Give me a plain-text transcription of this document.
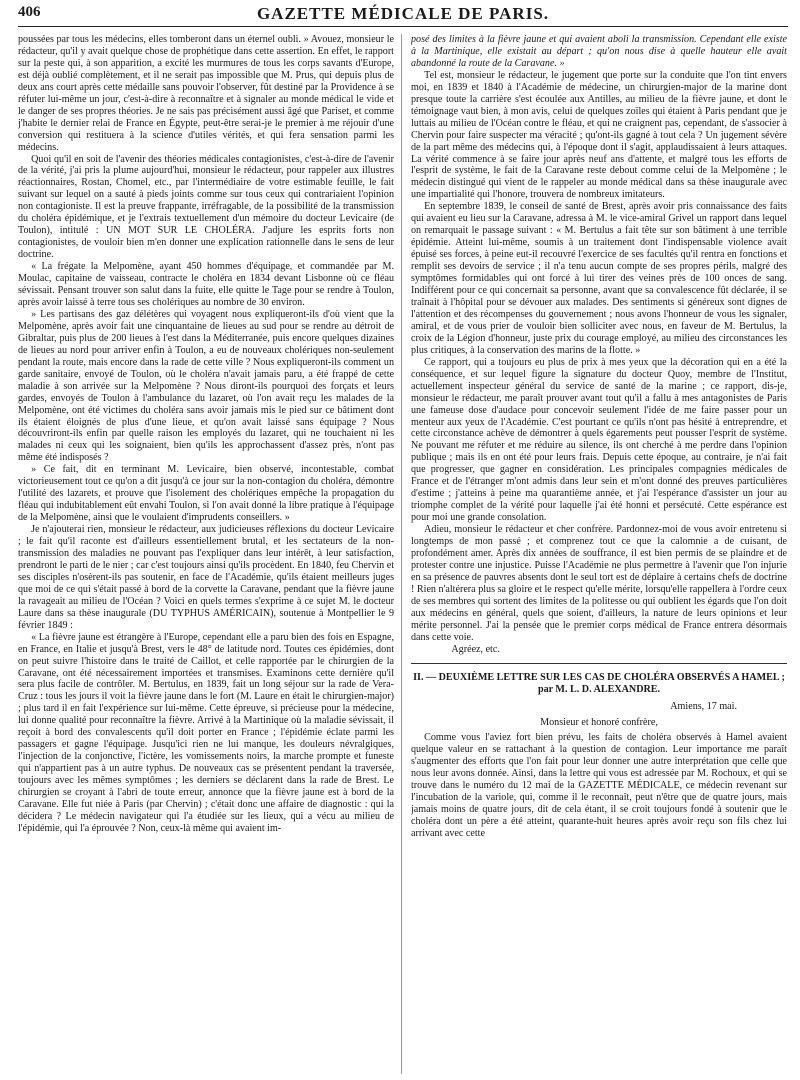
406	GAZETTE MÉDICALE DE PARIS.

poussées par tous les médecins, elles tomberont dans un éternel oubli. » Avouez, monsieur le rédacteur, qu'il y avait quelque chose de prophétique dans cette assertion. En effet, le rapport sur la peste qui, à son apparition, a excité les murmures de tous les corps savants d'Europe, est déjà oublié complètement, et il ne serait pas impossible que M. Prus, qui depuis plus de deux ans court après cette médaille sans pouvoir l'observer, fût destiné par la Providence à se réfuter lui-même un jour, c'est-à-dire à reconnaître et à signaler au monde médical le vide et le danger de ses propres théories. Je ne sais pas précisément aussi âgé que Pariset, et comme j'habite le dernier relai de France en Égypte, peut-être serai-je le premier à me réjouir d'une conversion qui restituera à la science d'utiles vérités, et qui fera sensation parmi les médecins.

Quoi qu'il en soit de l'avenir des théories médicales contagionistes, c'est-à-dire de l'avenir de la vérité, j'ai pris la plume aujourd'hui, monsieur le rédacteur, pour rappeler aux illustres réactionnaires, Rostan, Chomel, etc., par l'intermédiaire de votre estimable feuille, le fait suivant sur lequel on a sauté à pieds joints comme sur tous ceux qui contrariaient l'opinion non contagioniste. Il est la preuve frappante, irréfragable, de la possibilité de la transmission du choléra épidémique, et je l'extrais textuellement d'un mémoire du docteur Levicaire (de Toulon), intitulé : UN MOT SUR LE CHOLÉRA. J'adjure les esprits forts non contagionistes, de vouloir bien m'en donner une explication rationnelle dans le sens de leur doctrine.

« La frégate la Melpomène, ayant 450 hommes d'équipage, et commandée par M. Moulac, capitaine de vaisseau, contracte le choléra en 1834 devant Lisbonne où ce fléau sévissait. Pensant trouver son salut dans la fuite, elle quitte le Tage pour se rendre à Toulon, après avoir laissé à terre tous ses cholériques au nombre de 30 environ.

» Les partisans des gaz délétères qui voyagent nous expliqueront-ils d'où vient que la Melpomène, après avoir fait une cinquantaine de lieues au sud pour se rendre au détroit de Gibraltar, puis plus de 200 lieues à l'est dans la Méditerranée, puis encore quelques dizaines de lieues au nord pour arriver enfin à Toulon, a eu de nouveaux cholériques non-seulement pendant la route, mais encore dans la rade de cette ville ? Nous expliqueront-ils comment un garde sanitaire, envoyé de Toulon, où le choléra n'avait jamais paru, a été frappé de cette maladie à son arrivée sur la Melpomène ? Nous diront-ils pourquoi des forçats et leurs gardes, envoyés de Toulon à l'ambulance du lazaret, où l'on avait reçu les malades de la Melpomène, ont été victimes du choléra sans avoir jamais mis le pied sur ce bâtiment dont ils étaient éloignés de plus d'une lieue, et qu'on avait laissé sans équipage ? Nous découvriront-ils enfin par quelle raison les employés du lazaret, qui ne touchaient ni les malades ni ceux qui les soignaient, bien qu'ils les approchassent d'assez près, n'ont pas même été indisposés ?

» Ce fait, dit en terminant M. Levicaire, bien observé, incontestable, combat victorieusement tout ce qu'on a dit jusqu'à ce jour sur la non-contagion du choléra, démontre l'utilité des lazarets, et prouve que l'isolement des cholériques empêche la propagation du fléau qui indubitablement eût envahi Toulon, si l'on avait donné la libre pratique à l'équipage de la Melpomène, ainsi que le voulaient d'imprudents conseillers. »

Je n'ajouterai rien, monsieur le rédacteur, aux judicieuses réflexions du docteur Levicaire ; le fait qu'il raconte est d'ailleurs essentiellement brutal, et les sectateurs de la non-transmission des maladies ne pouvant pas l'expliquer dans leur intérêt, à leur satisfaction, prendront le parti de le nier ; car c'est toujours ainsi qu'ils procèdent. En 1840, feu Chervin et ses disciples n'osèrent-ils pas soutenir, en face de l'Académie, qu'ils étaient meilleurs juges que moi de ce qui s'était passé à bord de la corvette la Caravane, pendant que la fièvre jaune la ravageait au milieu de l'Océan ? Voici en quels termes s'exprime à ce sujet M. le docteur Laure dans sa thèse inaugurale (DU TYPHUS AMÉRICAIN), soutenue à Montpellier le 9 février 1849 :

« La fièvre jaune est étrangère à l'Europe, cependant elle a paru bien des fois en Espagne, en France, en Italie et jusqu'à Brest, vers le 48° de latitude nord. Toutes ces épidémies, dont on peut suivre l'histoire dans le traité de Caillot, et celle rapportée par le chirurgien de la Caravane, ont été nécessairement importées et transmises. Examinons cette dernière qu'il sera plus facile de contrôler. M. Bertulus, en 1839, fait un long séjour sur la rade de Vera-Cruz : tous les jours il voit la fièvre jaune dans le fort (M. Laure en était le chirurgien-major) ; plus tard il en fait l'expérience sur lui-même. Cette épreuve, si précieuse pour la médecine, lui donne qualité pour reconnaître la fièvre. Arrivé à la Martinique où la maladie sévissait, il reçoit à bord des convalescents qu'il doit porter en France ; l'épidémie éclate parmi les passagers et gagne l'équipage. Jusqu'ici rien ne lui manque, les douleurs névralgiques, l'injection de la conjonctive, l'ictère, les vomissements noirs, la marche prompte et funeste qui n'appartient pas à un autre typhus. De nouveaux cas se présentent pendant la traversée, toujours avec les mêmes symptômes ; les derniers se déclarent dans la rade de Brest. Le chirurgien se croyant à l'abri de toute erreur, annonce que la fièvre jaune est à bord de la Caravane. Elle fut niée à Paris (par Chervin) ; c'était donc une affaire de diagnostic : qui la décidera ? Le médecin navigateur qui l'a étudiée sur les lieux, qui a vécu au milieu de l'épidémie, qui l'a éprouvée ? Non, ceux-là même qui avaient im-

posé des limites à la fièvre jaune et qui avaient aboli la transmission. Cependant elle existe à la Martinique, elle existait au départ ; qu'on nous dise à quelle hauteur elle avait abandonné la route de la Caravane. »

Tel est, monsieur le rédacteur, le jugement que porte sur la conduite que l'on tint envers moi, en 1839 et 1840 à l'Académie de médecine, un chirurgien-major de la marine dont presque toute la carrière s'est écoulée aux Antilles, au milieu de la fièvre jaune, et dont le témoignage vaut bien, à mon avis, celui de quelques zoïles qui étaient à Paris pendant que je luttais au milieu de l'Océan contre le fléau, et qui ne craignent pas, cependant, de s'associer à Chervin pour faire suspecter ma véracité ; qu'ont-ils gagné à tout cela ? Un jugement sévère de la part même des médecins qui, à l'époque dont il s'agit, applaudissaient à leurs attaques. La vérité commence à se faire jour après neuf ans d'attente, et malgré tous les efforts de l'esprit de système, le fait de la Caravane reste debout comme celui de la Melpomène ; le médecin distingué qui vient de le rappeler au monde médical dans sa thèse inaugurale avec une impartialité qui l'honore, trouvera de nombreux imitateurs.

En septembre 1839, le conseil de santé de Brest, après avoir pris connaissance des faits qui avaient eu lieu sur la Caravane, adressa à M. le vice-amiral Grivel un rapport dans lequel on remarquait le passage suivant : « M. Bertulus a fait tête sur son bâtiment à une terrible épidémie. Atteint lui-même, soumis à un traitement dont l'indispensable violence avait épuisé ses forces, à peine eut-il recouvré l'exercice de ses facultés qu'il rentra en fonctions et remplit ses devoirs de service ; il n'a tenu aucun compte de ses propres périls, malgré des symptômes formidables qui ont forcé à lui tirer des veines près de 100 onces de sang. Indifférent pour ce qui concernait sa personne, avant que sa convalescence fût déclarée, il se traînait à l'hôpital pour se dévouer aux malades. Des sentiments si généreux sont dignes de l'attention et des récompenses du gouvernement ; nous avons l'honneur de vous les signaler, amiral, et de vous prier de vouloir bien solliciter avec nous, en faveur de M. Bertulus, la croix de la Légion d'honneur, juste prix du courage employé, au milieu des circonstances les plus critiques, à la conservation des marins de la flotte. »

Ce rapport, qui a toujours eu plus de prix à mes yeux que la décoration qui en a été la conséquence, et sur lequel figure la signature du docteur Quoy, membre de l'Institut, actuellement inspecteur général du service de santé de la marine ; ce rapport, dis-je, monsieur le rédacteur, me paraît prouver avant tout qu'il a fallu à mes antagonistes de Paris une fameuse dose d'audace pour concevoir seulement l'idée de me faire passer pour un menteur aux yeux de l'Académie. C'est pourtant ce qu'ils n'ont pas hésité à entreprendre, et cette circonstance achève de démontrer à quels égarements peut pousser l'esprit de système. Ne pouvant me réfuter et me réduire au silence, ils ont cherché à me perdre dans l'opinion publique ; mais ils en ont été pour leurs frais. Depuis cette époque, au contraire, je n'ai fait que progresser, que gagner en considération. Les principales compagnies médicales de France et de l'étranger m'ont admis dans leur sein et m'ont donné des preuves particulières d'estime ; j'atteins à peine ma quarantième année, et j'ai l'espérance d'assister un jour au triomphe complet de la vérité pour laquelle j'ai été honni et persécuté. Cette espérance est pour moi une grande consolation.

Adieu, monsieur le rédacteur et cher confrère. Pardonnez-moi de vous avoir entretenu si longtemps de mon passé ; et comprenez tout ce que la calomnie a de cuisant, de profondément amer. Après dix années de souffrance, il est bien permis de se plaindre et de protester contre une injustice. Puisse l'Académie ne plus permettre à l'avenir que l'on injurie en sa présence de pauvres absents dont le seul tort est de déplaire à certains chefs de doctrine ! Rien n'altérera plus sa gloire et le respect qu'elle mérite, lorsqu'elle rappellera à l'ordre ceux de ses membres qui sortent des limites de la politesse ou qui oublient les égards que l'on doit aux médecins en général, quels que soient, d'ailleurs, la nature de leurs opinions et leur mérite personnel. J'ai la pensée que le premier corps médical de France entrera désormais dans cette voie.

Agréez, etc.

II. — DEUXIÈME LETTRE SUR LES CAS DE CHOLÉRA OBSERVÉS A HAMEL ; par M. L. D. ALEXANDRE.

Amiens, 17 mai.

Monsieur et honoré confrère,

Comme vous l'aviez fort bien prévu, les faits de choléra observés à Hamel avaient quelque valeur en se rattachant à la question de contagion. Leur importance me paraît s'augmenter des efforts que l'on fait pour leur donner une autre interprétation que celle que nous leur avons donnée. Ainsi, dans la lettre qui vous est adressée par M. Rochoux, et qui se trouve dans le numéro du 12 mai de la GAZETTE MÉDICALE, ce médecin revenant sur l'incubation de la variole, qui, comme il le reconnaît, peut n'être que de quatre jours, mais jamais moins de quatre jours, dit de cela étant, il se croit toujours fondé à soutenir que le choléra dont un père a été atteint, quarante-huit heures après avoir reçu son fils chez lui arrivant avec cette
